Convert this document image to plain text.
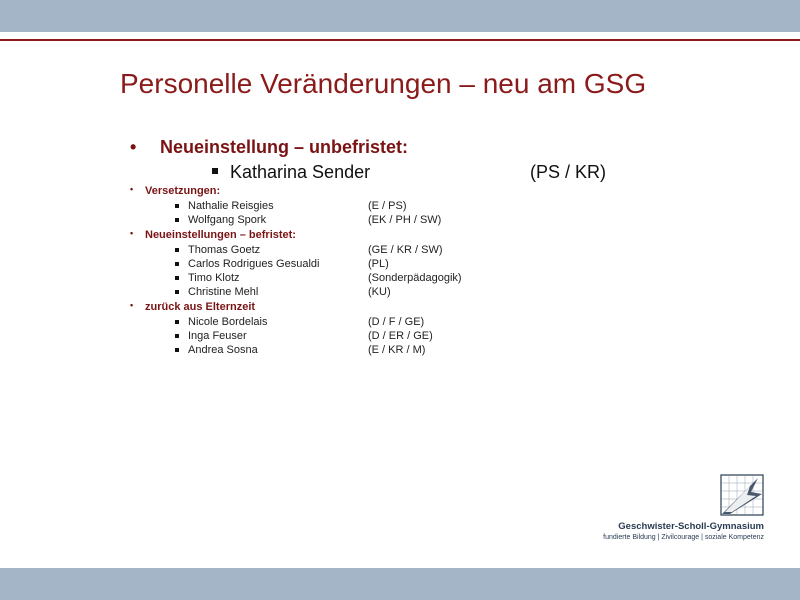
Personelle Veränderungen – neu am GSG
• Neueinstellung – unbefristet:
Katharina Sender	(PS / KR)
• Versetzungen:
Nathalie Reisgies	(E / PS)
Wolfgang Spork	(EK / PH / SW)
• Neueinstellungen – befristet:
Thomas Goetz	(GE / KR / SW)
Carlos Rodrigues Gesualdi	(PL)
Timo Klotz	(Sonderpädagogik)
Christine Mehl	(KU)
• zurück aus Elternzeit
Nicole Bordelais	(D / F / GE)
Inga Feuser	(D / ER / GE)
Andrea Sosna	(E / KR / M)
Geschwister-Scholl-Gymnasium
fundierte Bildung | Zivilcourage | soziale Kompetenz
